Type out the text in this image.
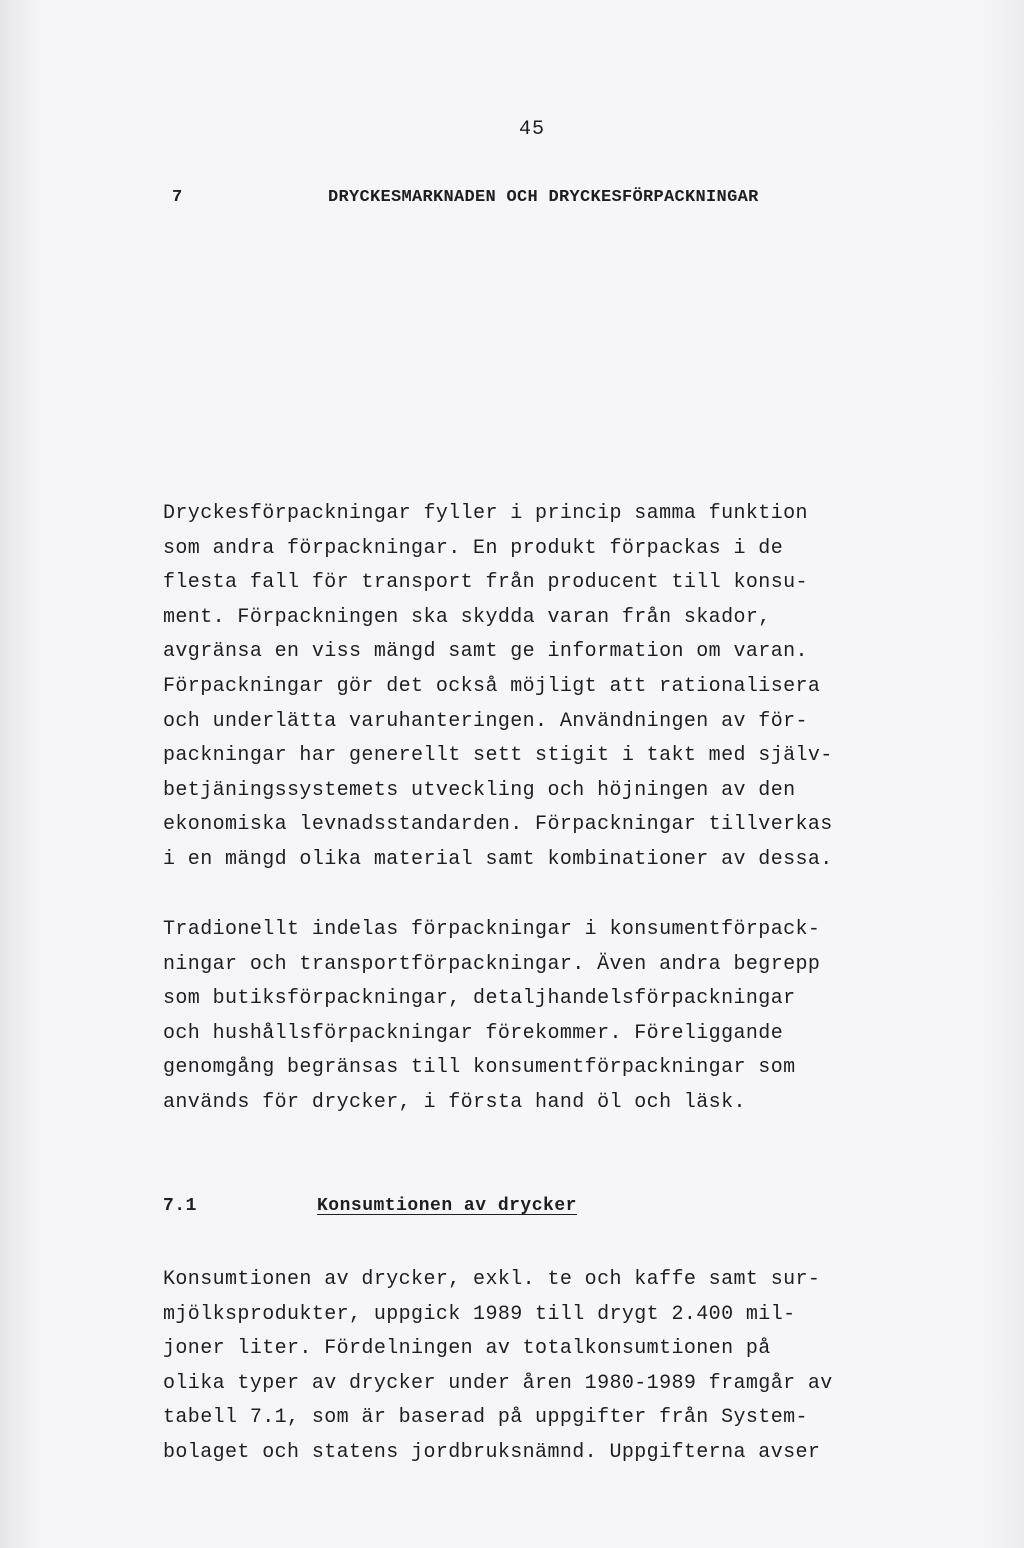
45
7	DRYCKESMARKNADEN OCH DRYCKESFÖRPACKNINGAR
Dryckesförpackningar fyller i princip samma funktion
som andra förpackningar. En produkt förpackas i de
flesta fall för transport från producent till konsu-
ment. Förpackningen ska skydda varan från skador,
avgränsa en viss mängd samt ge information om varan.
Förpackningar gör det också möjligt att rationalisera
och underlätta varuhanteringen. Användningen av för-
packningar har generellt sett stigit i takt med själv-
betjäningssystemets utveckling och höjningen av den
ekonomiska levnadsstandarden. Förpackningar tillverkas
i en mängd olika material samt kombinationer av dessa.
Tradionellt indelas förpackningar i konsumentförpack-
ningar och transportförpackningar. Även andra begrepp
som butiksförpackningar, detaljhandelsförpackningar
och hushållsförpackningar förekommer. Föreliggande
genomgång begränsas till konsumentförpackningar som
används för drycker, i första hand öl och läsk.
7.1	Konsumtionen av drycker
Konsumtionen av drycker, exkl. te och kaffe samt sur-
mjölksprodukter, uppgick 1989 till drygt 2.400 mil-
joner liter. Fördelningen av totalkonsumtionen på
olika typer av drycker under åren 1980-1989 framgår av
tabell 7.1, som är baserad på uppgifter från System-
bolaget och statens jordbruksnämnd. Uppgifterna avser
